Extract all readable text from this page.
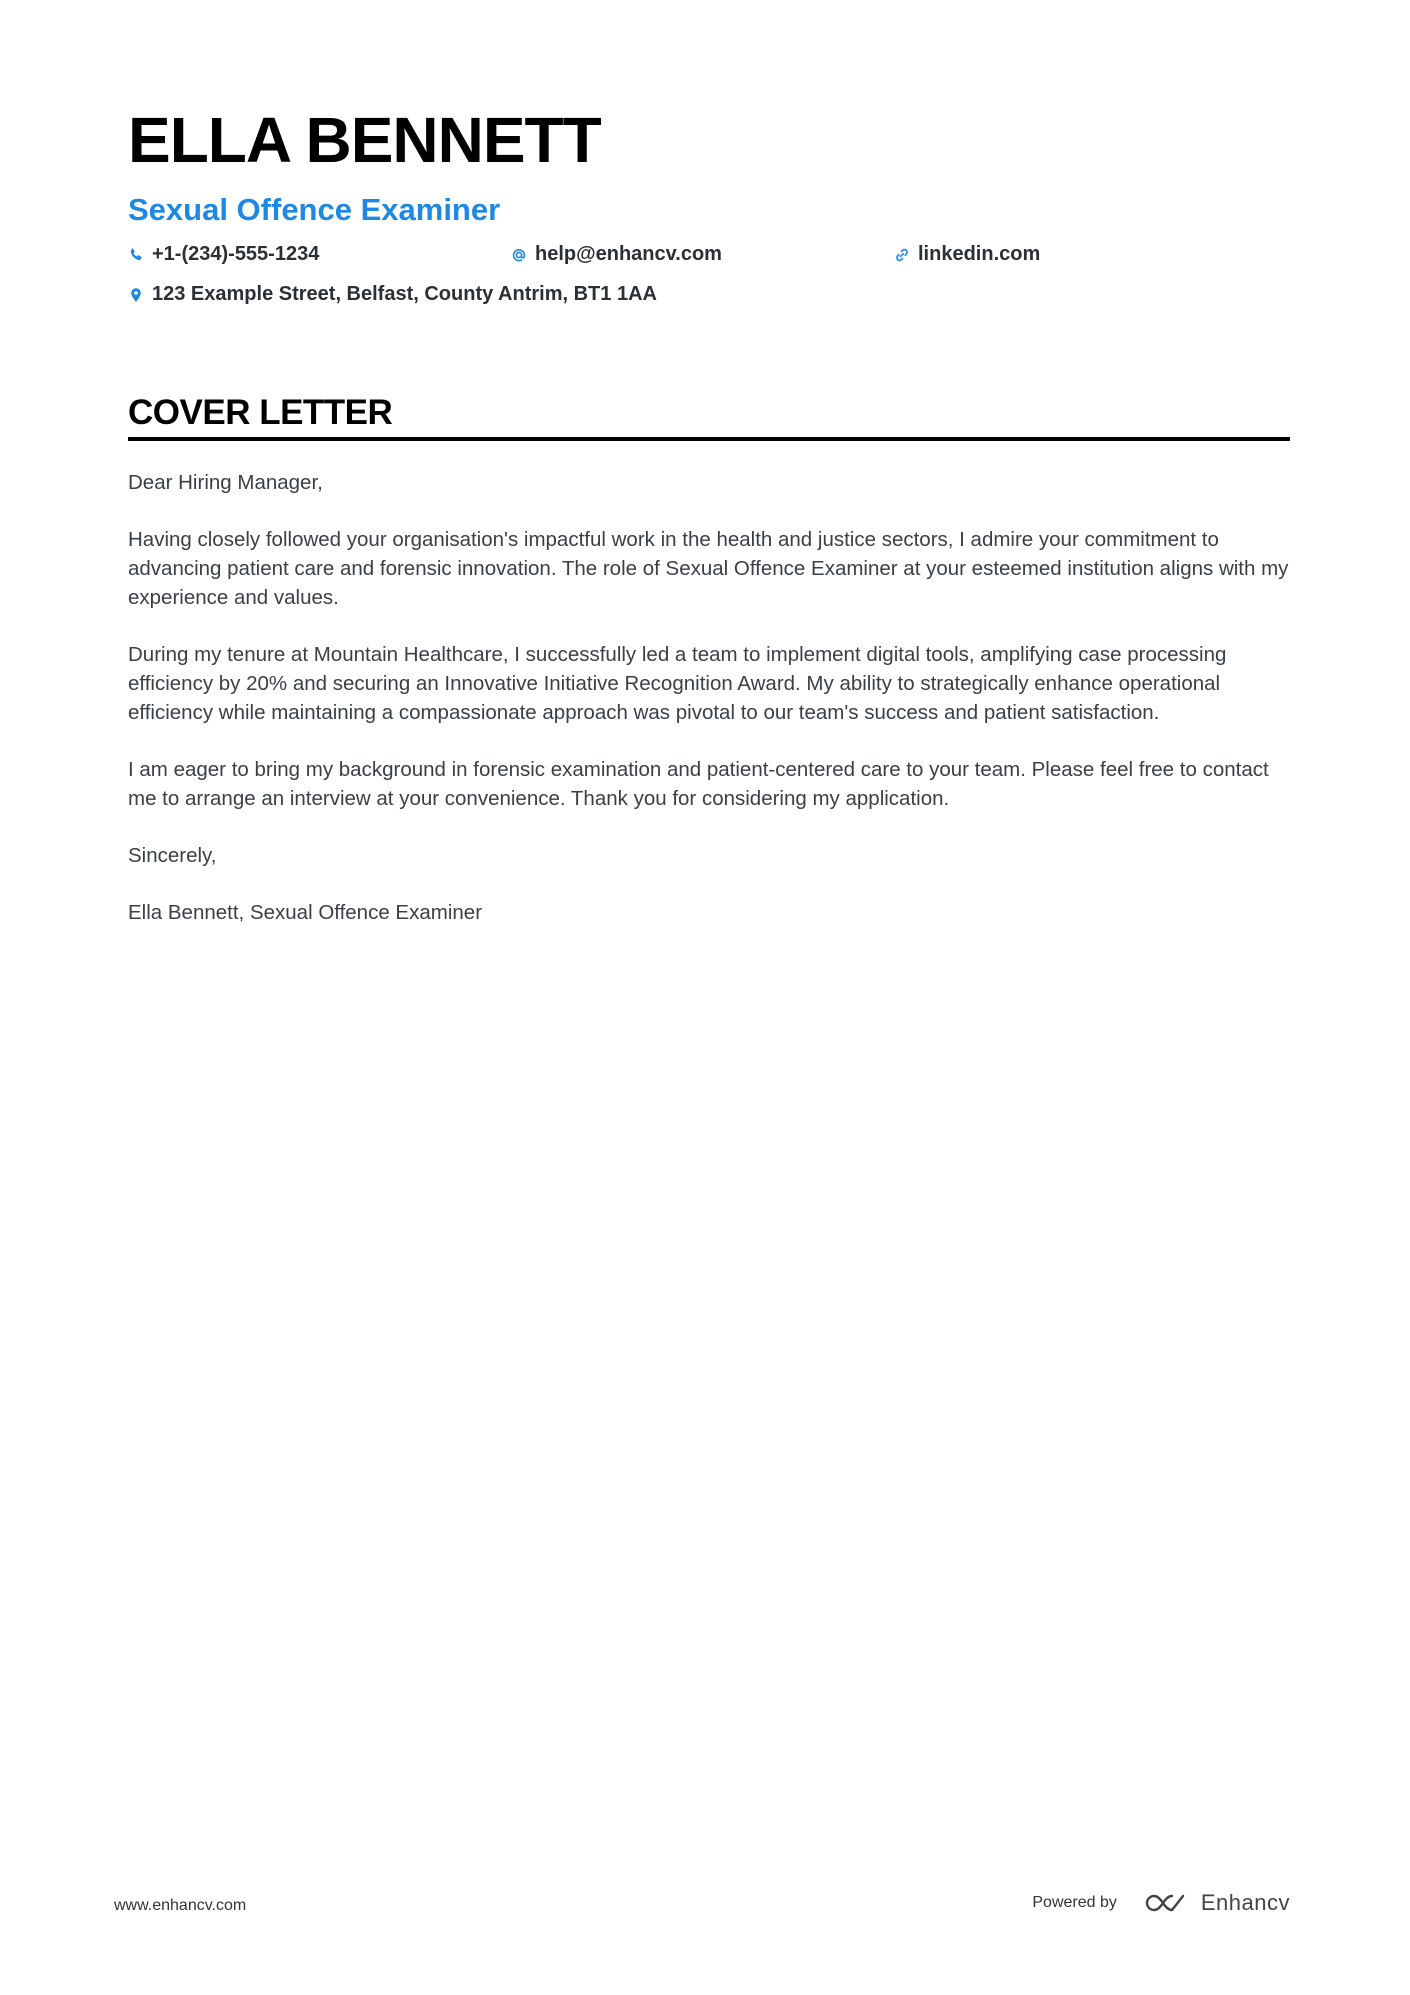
ELLA BENNETT
Sexual Offence Examiner
+1-(234)-555-1234	help@enhancv.com	linkedin.com
123 Example Street, Belfast, County Antrim, BT1 1AA
COVER LETTER

Dear Hiring Manager,

Having closely followed your organisation's impactful work in the health and justice sectors, I admire your commitment to advancing patient care and forensic innovation. The role of Sexual Offence Examiner at your esteemed institution aligns with my experience and values.

During my tenure at Mountain Healthcare, I successfully led a team to implement digital tools, amplifying case processing efficiency by 20% and securing an Innovative Initiative Recognition Award. My ability to strategically enhance operational efficiency while maintaining a compassionate approach was pivotal to our team's success and patient satisfaction.

I am eager to bring my background in forensic examination and patient-centered care to your team. Please feel free to contact me to arrange an interview at your convenience. Thank you for considering my application.

Sincerely,

Ella Bennett, Sexual Offence Examiner

www.enhancv.com	Powered by	Enhancv
